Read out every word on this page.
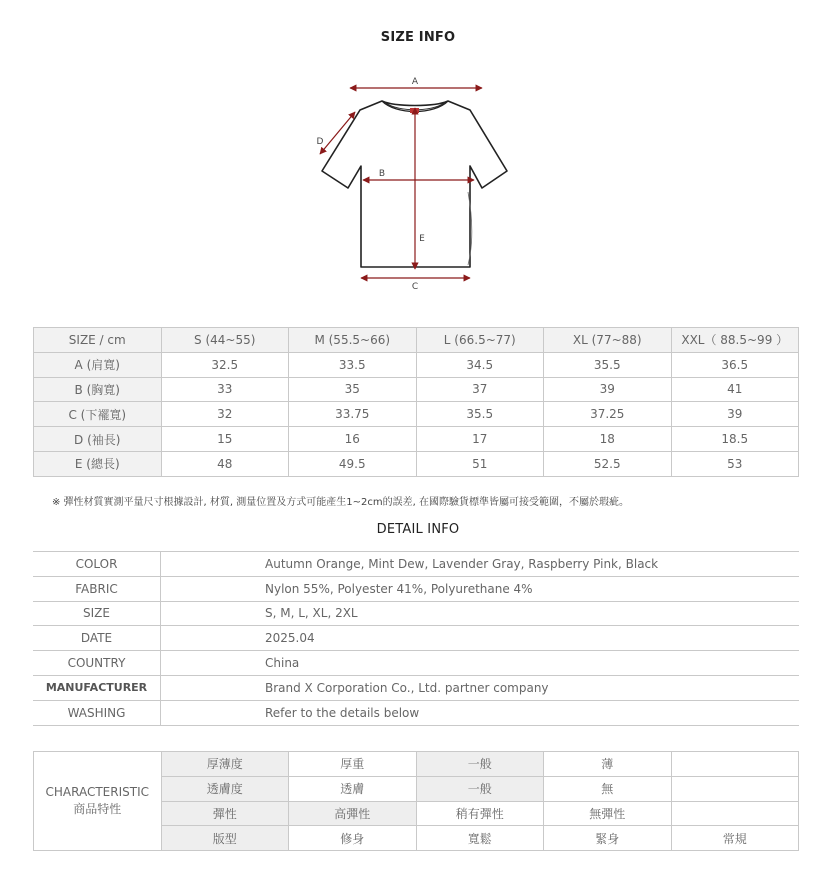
SIZE INFO
A
D
B
E
C
SIZE / cm	S (44~55)	M (55.5~66)	L (66.5~77)	XL (77~88)	XXL（ 88.5~99 ）
A (肩寬)	32.5	33.5	34.5	35.5	36.5
B (胸寬)	33	35	37	39	41
C (下襬寬)	32	33.75	35.5	37.25	39
D (袖長)	15	16	17	18	18.5
E (總長)	48	49.5	51	52.5	53
※ 彈性材質實測平量尺寸根據設計, 材質, 測量位置及方式可能產生1~2cm的誤差, 在國際驗貨標準皆屬可接受範圍，不屬於瑕疵。
DETAIL INFO
COLOR	Autumn Orange, Mint Dew, Lavender Gray, Raspberry Pink, Black
FABRIC	Nylon 55%, Polyester 41%, Polyurethane 4%
SIZE	S, M, L, XL, 2XL
DATE	2025.04
COUNTRY	China
MANUFACTURER	Brand X Corporation Co., Ltd. partner company
WASHING	Refer to the details below
CHARACTERISTIC
商品特性	厚薄度	厚重	一般	薄	
	透膚度	透膚	一般	無	
	彈性	高彈性	稍有彈性	無彈性	
	版型	修身	寬鬆	緊身	常規
